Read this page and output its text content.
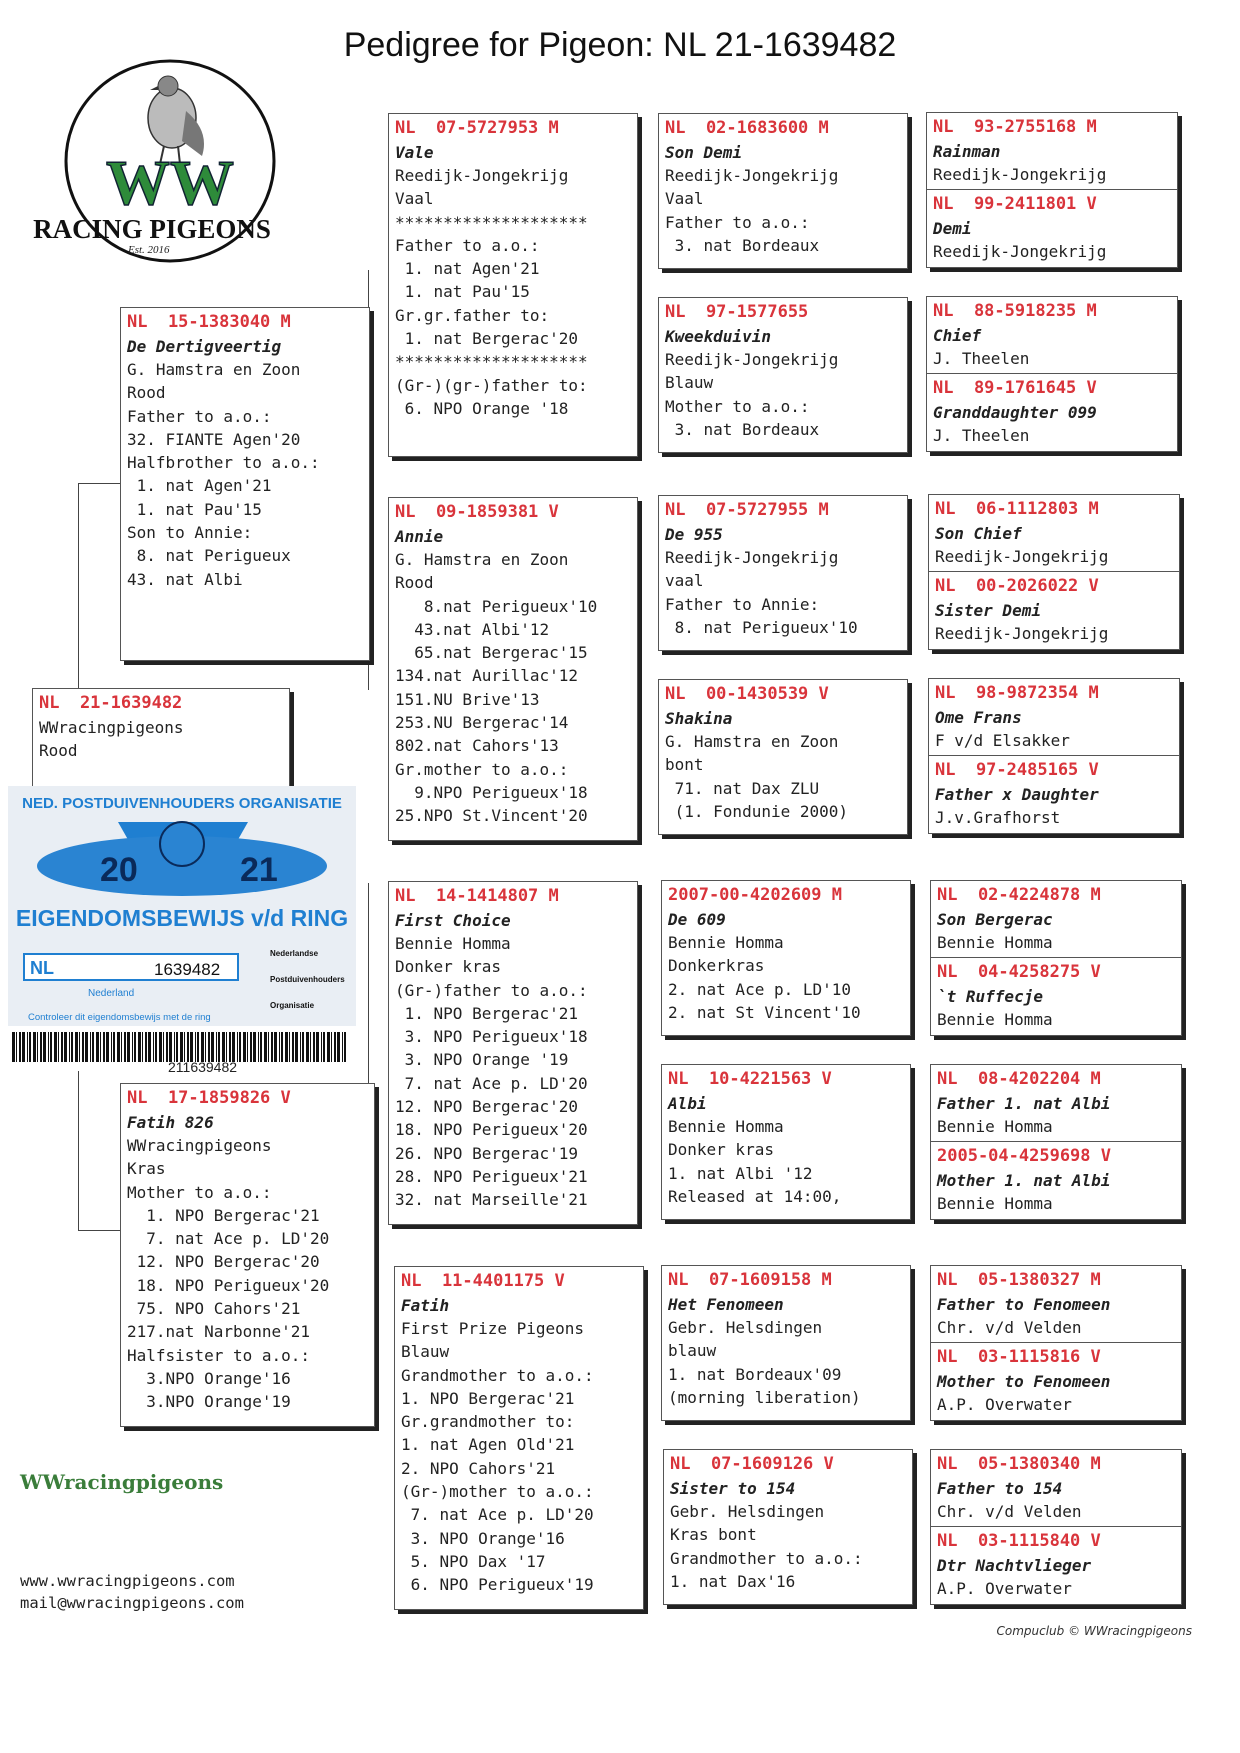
Pedigree for Pigeon: NL 21-1639482
WW
RACING PIGEONS
Est. 2016
NL  21-1639482
WWracingpigeons
Rood
NED. POSTDUIVENHOUDERS ORGANISATIE
20	21
EIGENDOMSBEWIJS v/d RING
NL	1639482
Nederlandse
Postduivenhouders
Organisatie
Nederland
Controleer dit eigendomsbewijs met de ring
211639482
NL  15-1383040 M
De Dertigveertig
G. Hamstra en Zoon
Rood
Father to a.o.:
32. FIANTE Agen'20
Halfbrother to a.o.:
1. nat Agen'21
1. nat Pau'15
Son to Annie:
8. nat Perigueux
43. nat Albi
NL  17-1859826 V
Fatih 826
WWracingpigeons
Kras
Mother to a.o.:
1. NPO Bergerac'21
7. nat Ace p. LD'20
12. NPO Bergerac'20
18. NPO Perigueux'20
75. NPO Cahors'21
217.nat Narbonne'21
Halfsister to a.o.:
3.NPO Orange'16
3.NPO Orange'19
NL  07-5727953 M
Vale
Reedijk-Jongekrijg
Vaal
********************
Father to a.o.:
1. nat Agen'21
1. nat Pau'15
Gr.gr.father to:
1. nat Bergerac'20
********************
(Gr-)(gr-)father to:
6. NPO Orange '18
NL  09-1859381 V
Annie
G. Hamstra en Zoon
Rood
8.nat Perigueux'10
43.nat Albi'12
65.nat Bergerac'15
134.nat Aurillac'12
151.NU Brive'13
253.NU Bergerac'14
802.nat Cahors'13
Gr.mother to a.o.:
9.NPO Perigueux'18
25.NPO St.Vincent'20
NL  14-1414807 M
First Choice
Bennie Homma
Donker kras
(Gr-)father to a.o.:
1. NPO Bergerac'21
3. NPO Perigueux'18
3. NPO Orange '19
7. nat Ace p. LD'20
12. NPO Bergerac'20
18. NPO Perigueux'20
26. NPO Bergerac'19
28. NPO Perigueux'21
32. nat Marseille'21
NL  11-4401175 V
Fatih
First Prize Pigeons
Blauw
Grandmother to a.o.:
1. NPO Bergerac'21
Gr.grandmother to:
1. nat Agen Old'21
2. NPO Cahors'21
(Gr-)mother to a.o.:
7. nat Ace p. LD'20
3. NPO Orange'16
5. NPO Dax '17
6. NPO Perigueux'19
NL  02-1683600 M
Son Demi
Reedijk-Jongekrijg
Vaal
Father to a.o.:
3. nat Bordeaux
NL  97-1577655
Kweekduivin
Reedijk-Jongekrijg
Blauw
Mother to a.o.:
3. nat Bordeaux
NL  07-5727955 M
De 955
Reedijk-Jongekrijg
vaal
Father to Annie:
8. nat Perigueux'10
NL  00-1430539 V
Shakina
G. Hamstra en Zoon
bont
71. nat Dax ZLU
(1. Fondunie 2000)
2007-00-4202609 M
De 609
Bennie Homma
Donkerkras
2. nat Ace p. LD'10
2. nat St Vincent'10
NL  10-4221563 V
Albi
Bennie Homma
Donker kras
1. nat Albi '12
Released at 14:00,
NL  07-1609158 M
Het Fenomeen
Gebr. Helsdingen
blauw
1. nat Bordeaux'09
(morning liberation)
NL  07-1609126 V
Sister to 154
Gebr. Helsdingen
Kras bont
Grandmother to a.o.:
1. nat Dax'16
NL  93-2755168 M
Rainman
Reedijk-Jongekrijg
NL  99-2411801 V
Demi
Reedijk-Jongekrijg
NL  88-5918235 M
Chief
J. Theelen
NL  89-1761645 V
Granddaughter 099
J. Theelen
NL  06-1112803 M
Son Chief
Reedijk-Jongekrijg
NL  00-2026022 V
Sister Demi
Reedijk-Jongekrijg
NL  98-9872354 M
Ome Frans
F v/d Elsakker
NL  97-2485165 V
Father x Daughter
J.v.Grafhorst
NL  02-4224878 M
Son Bergerac
Bennie Homma
NL  04-4258275 V
`t Ruffecje
Bennie Homma
NL  08-4202204 M
Father 1. nat Albi
Bennie Homma
2005-04-4259698 V
Mother 1. nat Albi
Bennie Homma
NL  05-1380327 M
Father to Fenomeen
Chr. v/d Velden
NL  03-1115816 V
Mother to Fenomeen
A.P. Overwater
NL  05-1380340 M
Father to 154
Chr. v/d Velden
NL  03-1115840 V
Dtr Nachtvlieger
A.P. Overwater
WWracingpigeons
www.wwracingpigeons.com
mail@wwracingpigeons.com
Compuclub © WWracingpigeons
